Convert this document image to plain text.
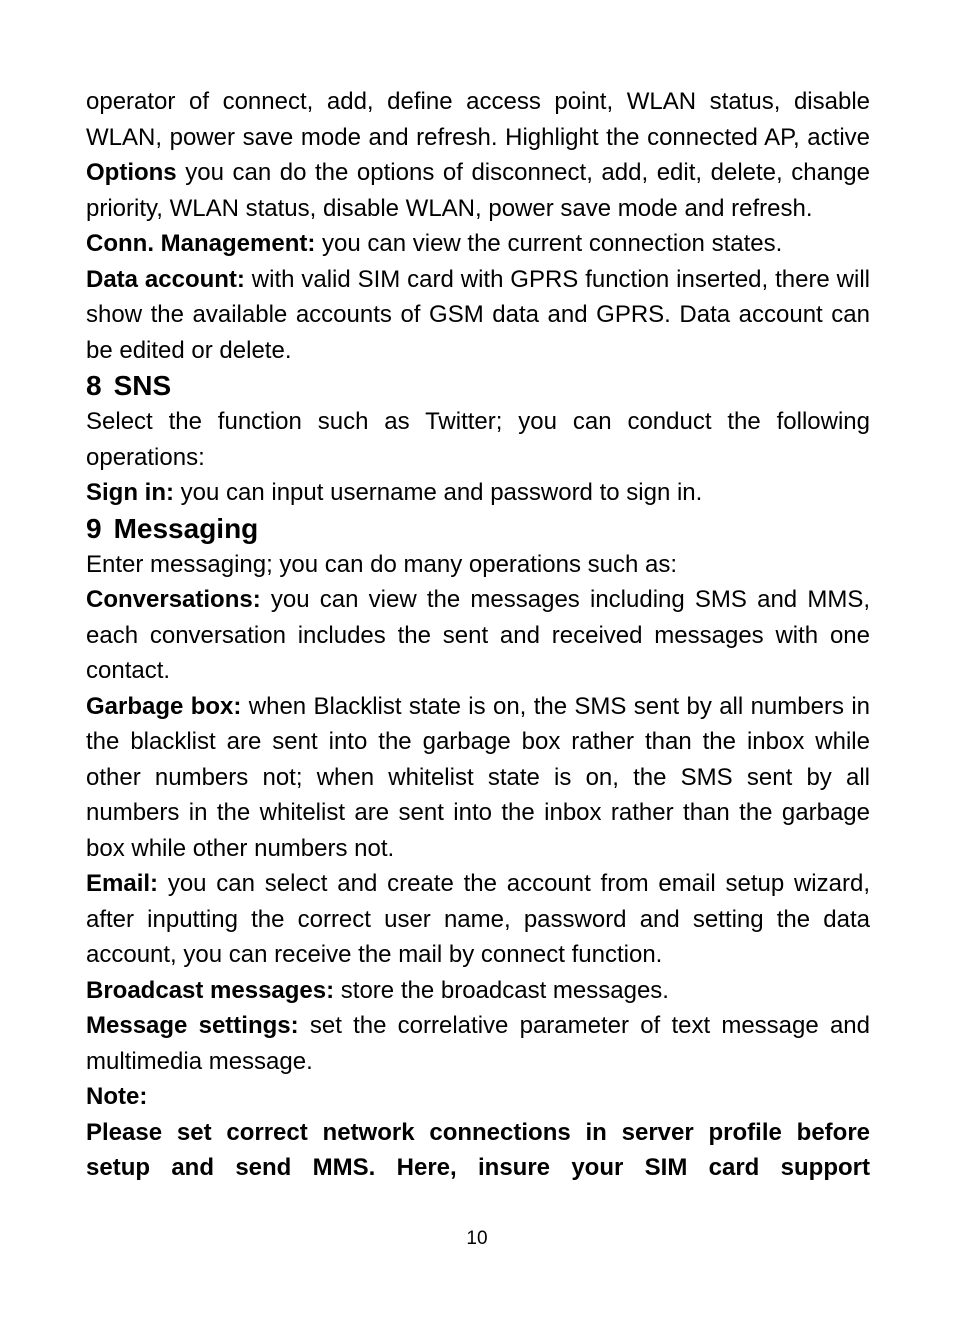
operator of connect, add, define access point, WLAN status, disable WLAN, power save mode and refresh. Highlight the connected AP, active Options you can do the options of disconnect, add, edit, delete, change priority, WLAN status, disable WLAN, power save mode and refresh.

Conn. Management: you can view the current connection states.

Data account: with valid SIM card with GPRS function inserted, there will show the available accounts of GSM data and GPRS. Data account can be edited or delete.

8 SNS

Select the function such as Twitter; you can conduct the following operations:

Sign in: you can input username and password to sign in.

9 Messaging

Enter messaging; you can do many operations such as:

Conversations: you can view the messages including SMS and MMS, each conversation includes the sent and received messages with one contact.

Garbage box: when Blacklist state is on, the SMS sent by all numbers in the blacklist are sent into the garbage box rather than the inbox while other numbers not; when whitelist state is on, the SMS sent by all numbers in the whitelist are sent into the inbox rather than the garbage box while other numbers not.

Email: you can select and create the account from email setup wizard, after inputting the correct user name, password and setting the data account, you can receive the mail by connect function.

Broadcast messages: store the broadcast messages.

Message settings: set the correlative parameter of text message and multimedia message.

Note:

Please set correct network connections in server profile before setup and send MMS. Here, insure your SIM card support

10
